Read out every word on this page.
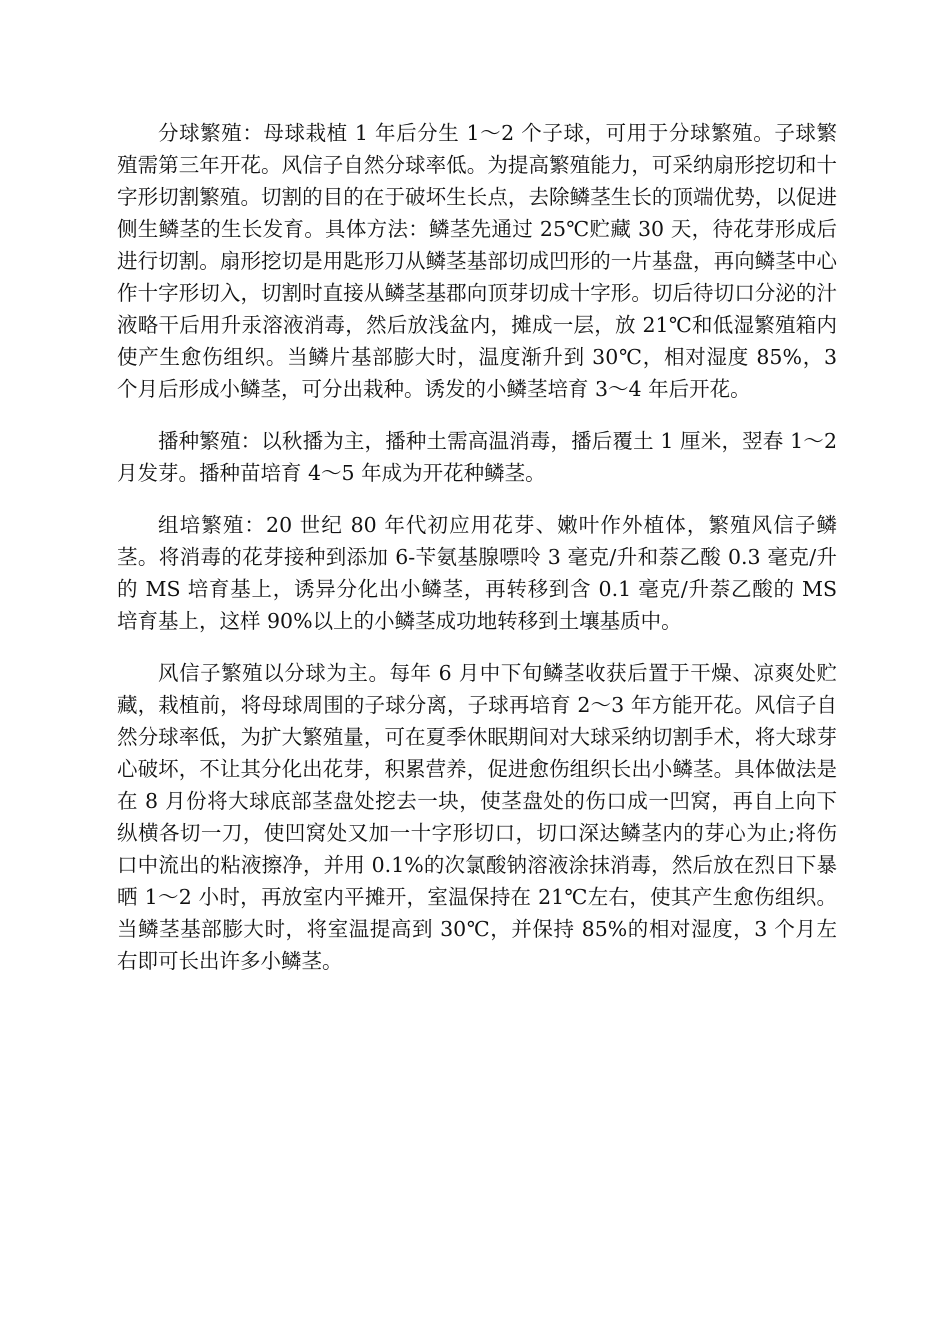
分球繁殖：母球栽植 1 年后分生 1～2 个子球，可用于分球繁殖。子球繁殖需第三年开花。风信子自然分球率低。为提高繁殖能力，可采纳扇形挖切和十字形切割繁殖。切割的目的在于破坏生长点，去除鳞茎生长的顶端优势，以促进侧生鳞茎的生长发育。具体方法：鳞茎先通过 25℃贮藏 30 天，待花芽形成后进行切割。扇形挖切是用匙形刀从鳞茎基部切成凹形的一片基盘，再向鳞茎中心作十字形切入，切割时直接从鳞茎基郡向顶芽切成十字形。切后待切口分泌的汁液略干后用升汞溶液消毒，然后放浅盆内，摊成一层，放 21℃和低湿繁殖箱内使产生愈伤组织。当鳞片基部膨大时，温度渐升到 30℃，相对湿度 85%，3 个月后形成小鳞茎，可分出栽种。诱发的小鳞茎培育 3～4 年后开花。

播种繁殖：以秋播为主，播种土需高温消毒，播后覆土 1 厘米，翌春 1～2 月发芽。播种苗培育 4～5 年成为开花种鳞茎。

组培繁殖：20 世纪 80 年代初应用花芽、嫩叶作外植体，繁殖风信子鳞茎。将消毒的花芽接种到添加 6-苄氨基腺嘌呤 3 毫克/升和萘乙酸 0.3 毫克/升的 MS 培育基上，诱异分化出小鳞茎，再转移到含 0.1 毫克/升萘乙酸的 MS 培育基上，这样 90%以上的小鳞茎成功地转移到土壤基质中。

风信子繁殖以分球为主。每年 6 月中下旬鳞茎收获后置于干燥、凉爽处贮藏，栽植前，将母球周围的子球分离，子球再培育 2～3 年方能开花。风信子自然分球率低，为扩大繁殖量，可在夏季休眠期间对大球采纳切割手术，将大球芽心破坏，不让其分化出花芽，积累营养，促进愈伤组织长出小鳞茎。具体做法是在 8 月份将大球底部茎盘处挖去一块，使茎盘处的伤口成一凹窝，再自上向下纵横各切一刀，使凹窝处又加一十字形切口，切口深达鳞茎内的芽心为止;将伤口中流出的粘液擦净，并用 0.1%的次氯酸钠溶液涂抹消毒，然后放在烈日下暴晒 1～2 小时，再放室内平摊开，室温保持在 21℃左右，使其产生愈伤组织。当鳞茎基部膨大时，将室温提高到 30℃，并保持 85%的相对湿度，3 个月左右即可长出许多小鳞茎。
